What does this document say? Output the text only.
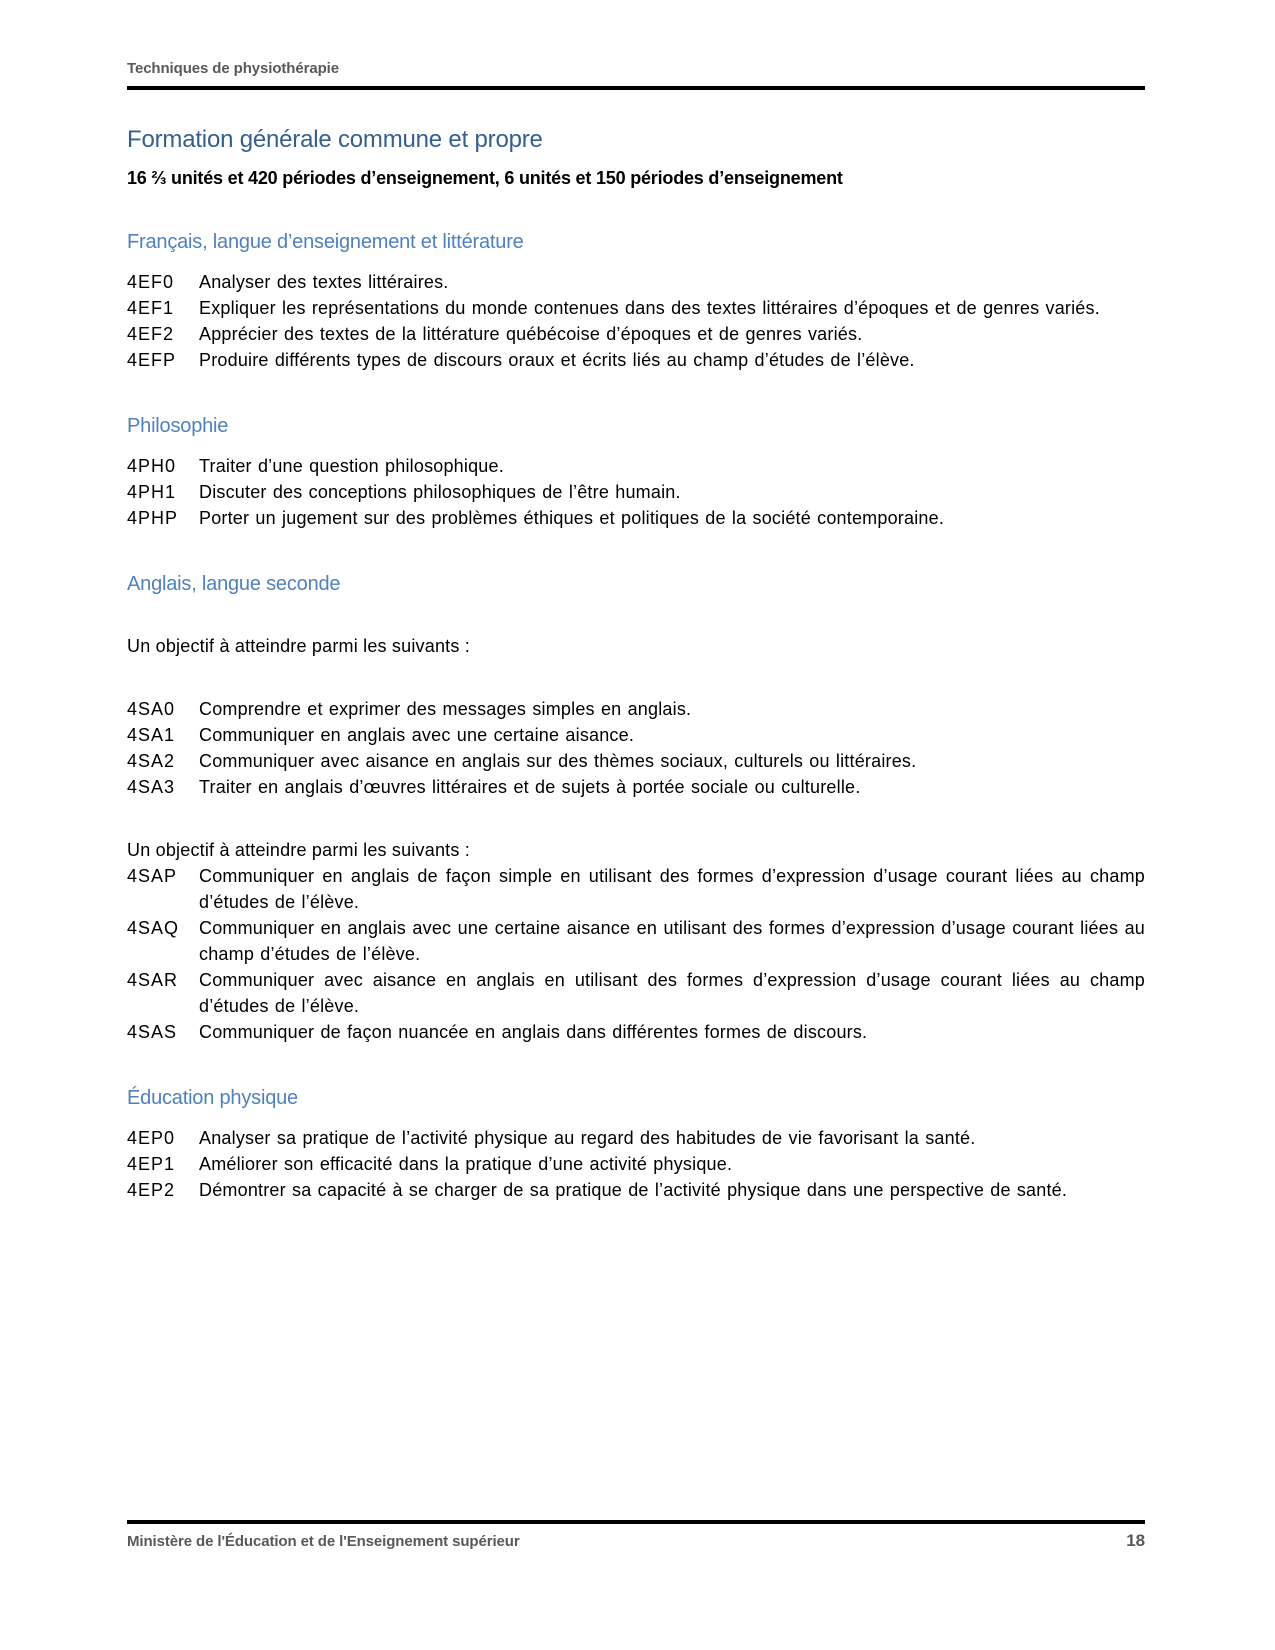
Techniques de physiothérapie
Formation générale commune et propre

16 ⅔ unités et 420 périodes d’enseignement, 6 unités et 150 périodes d’enseignement

Français, langue d’enseignement et littérature
4EF0	Analyser des textes littéraires.
4EF1	Expliquer les représentations du monde contenues dans des textes littéraires d’époques et de genres variés.
4EF2	Apprécier des textes de la littérature québécoise d’époques et de genres variés.
4EFP	Produire différents types de discours oraux et écrits liés au champ d’études de l’élève.
Philosophie
4PH0	Traiter d’une question philosophique.
4PH1	Discuter des conceptions philosophiques de l’être humain.
4PHP	Porter un jugement sur des problèmes éthiques et politiques de la société contemporaine.
Anglais, langue seconde

Un objectif à atteindre parmi les suivants :

4SA0	Comprendre et exprimer des messages simples en anglais.
4SA1	Communiquer en anglais avec une certaine aisance.
4SA2	Communiquer avec aisance en anglais sur des thèmes sociaux, culturels ou littéraires.
4SA3	Traiter en anglais d’œuvres littéraires et de sujets à portée sociale ou culturelle.

Un objectif à atteindre parmi les suivants :

4SAP	Communiquer en anglais de façon simple en utilisant des formes d’expression d’usage courant liées au champ d’études de l’élève.
4SAQ	Communiquer en anglais avec une certaine aisance en utilisant des formes d’expression d’usage courant liées au champ d’études de l’élève.
4SAR	Communiquer avec aisance en anglais en utilisant des formes d’expression d’usage courant liées au champ d’études de l’élève.
4SAS	Communiquer de façon nuancée en anglais dans différentes formes de discours.
Éducation physique
4EP0	Analyser sa pratique de l’activité physique au regard des habitudes de vie favorisant la santé.
4EP1	Améliorer son efficacité dans la pratique d’une activité physique.
4EP2	Démontrer sa capacité à se charger de sa pratique de l’activité physique dans une perspective de santé.
Ministère de l'Éducation et de l'Enseignement supérieur	18
